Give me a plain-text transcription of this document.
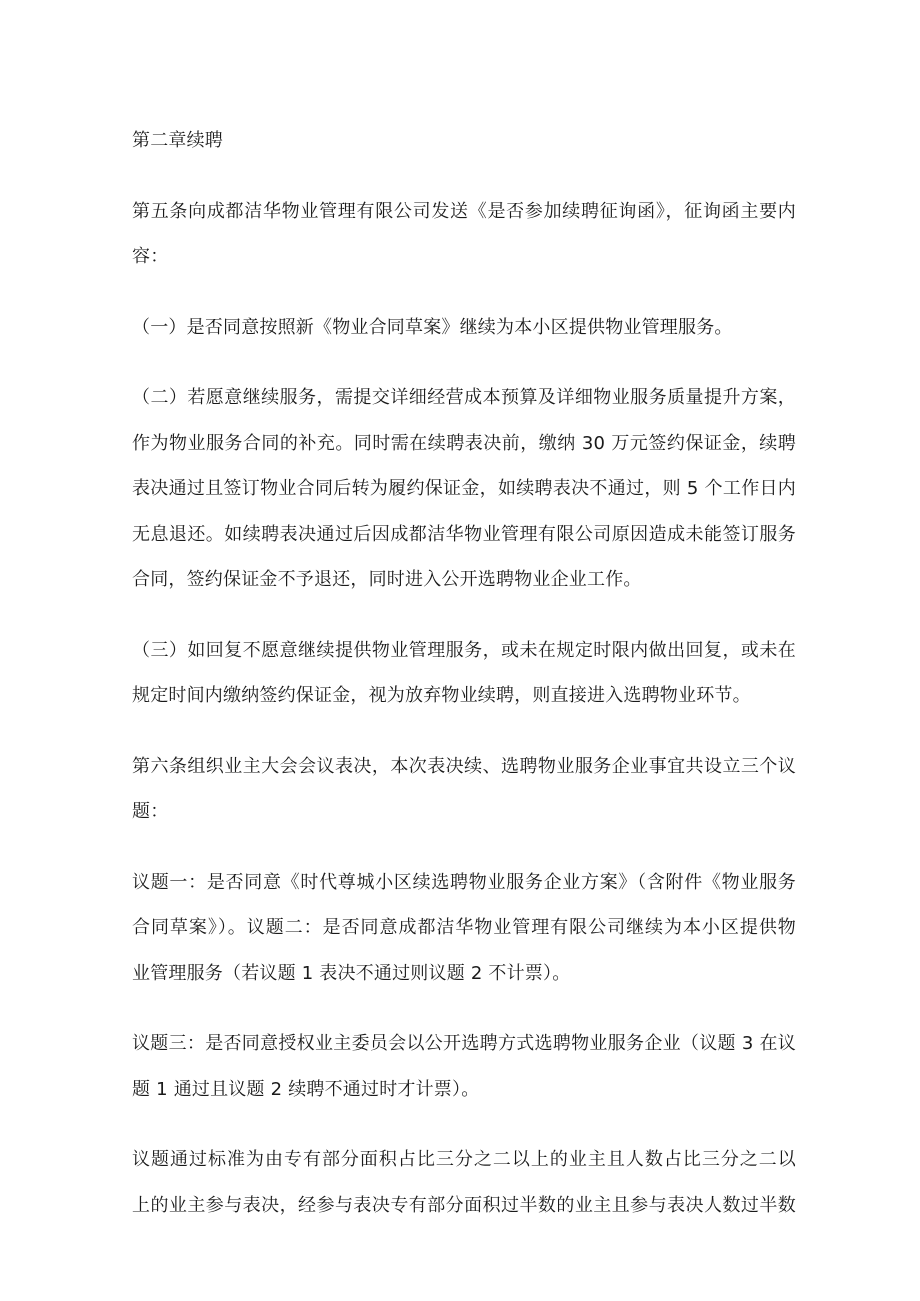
第二章续聘

第五条向成都洁华物业管理有限公司发送《是否参加续聘征询函》，征询函主要内
容：

（一）是否同意按照新《物业合同草案》继续为本小区提供物业管理服务。

（二）若愿意继续服务，需提交详细经营成本预算及详细物业服务质量提升方案，
作为物业服务合同的补充。同时需在续聘表决前，缴纳 30 万元签约保证金，续聘
表决通过且签订物业合同后转为履约保证金，如续聘表决不通过，则 5 个工作日内
无息退还。如续聘表决通过后因成都洁华物业管理有限公司原因造成未能签订服务
合同，签约保证金不予退还，同时进入公开选聘物业企业工作。

（三）如回复不愿意继续提供物业管理服务，或未在规定时限内做出回复，或未在
规定时间内缴纳签约保证金，视为放弃物业续聘，则直接进入选聘物业环节。

第六条组织业主大会会议表决，本次表决续、选聘物业服务企业事宜共设立三个议
题：

议题一：是否同意《时代尊城小区续选聘物业服务企业方案》（含附件《物业服务
合同草案》）。议题二：是否同意成都洁华物业管理有限公司继续为本小区提供物
业管理服务（若议题 1 表决不通过则议题 2 不计票）。

议题三：是否同意授权业主委员会以公开选聘方式选聘物业服务企业（议题 3 在议
题 1 通过且议题 2 续聘不通过时才计票）。

议题通过标准为由专有部分面积占比三分之二以上的业主且人数占比三分之二以
上的业主参与表决，经参与表决专有部分面积过半数的业主且参与表决人数过半数
